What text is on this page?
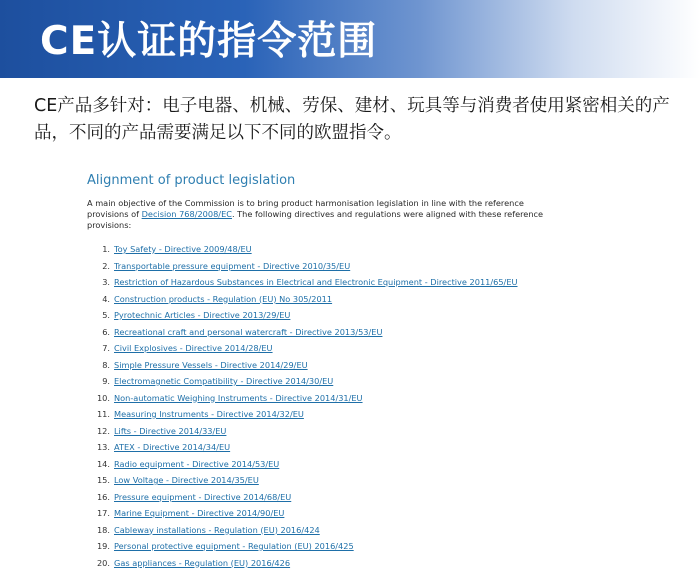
CE认证的指令范围
CE产品多针对：电子电器、机械、劳保、建材、玩具等与消费者使用紧密相关的产品，不同的产品需要满足以下不同的欧盟指令。
Alignment of product legislation
A main objective of the Commission is to bring product harmonisation legislation in line with the reference provisions of Decision 768/2008/EC. The following directives and regulations were aligned with these reference provisions:
1. Toy Safety - Directive 2009/48/EU
2. Transportable pressure equipment - Directive 2010/35/EU
3. Restriction of Hazardous Substances in Electrical and Electronic Equipment - Directive 2011/65/EU
4. Construction products - Regulation (EU) No 305/2011
5. Pyrotechnic Articles - Directive 2013/29/EU
6. Recreational craft and personal watercraft - Directive 2013/53/EU
7. Civil Explosives - Directive 2014/28/EU
8. Simple Pressure Vessels - Directive 2014/29/EU
9. Electromagnetic Compatibility - Directive 2014/30/EU
10. Non-automatic Weighing Instruments - Directive 2014/31/EU
11. Measuring Instruments - Directive 2014/32/EU
12. Lifts - Directive 2014/33/EU
13. ATEX - Directive 2014/34/EU
14. Radio equipment - Directive 2014/53/EU
15. Low Voltage - Directive 2014/35/EU
16. Pressure equipment - Directive 2014/68/EU
17. Marine Equipment - Directive 2014/90/EU
18. Cableway installations - Regulation (EU) 2016/424
19. Personal protective equipment - Regulation (EU) 2016/425
20. Gas appliances - Regulation (EU) 2016/426
